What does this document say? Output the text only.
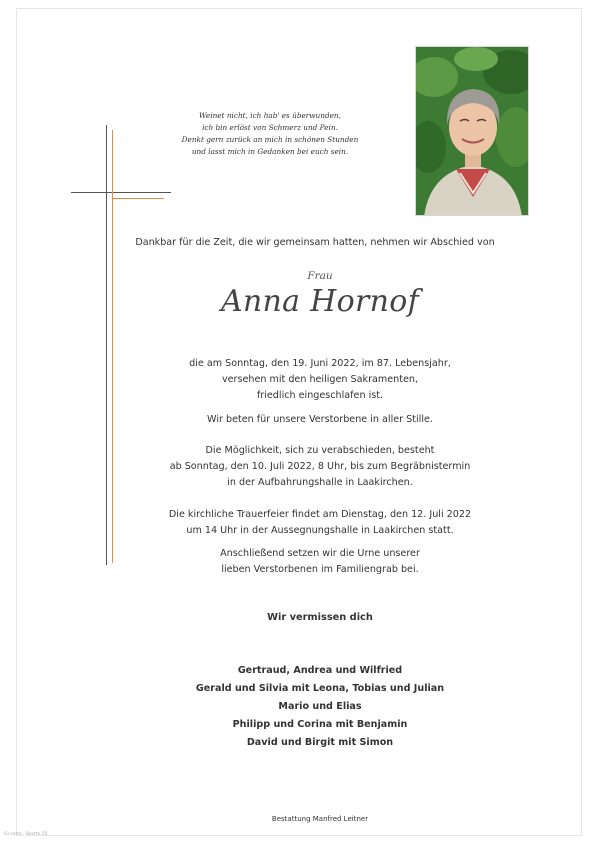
Weinet nicht, ich hab' es überwunden,
ich bin erlöst von Schmerz und Pein.
Denkt gern zurück an mich in schönen Stunden
und lasst mich in Gedanken bei euch sein.
Dankbar für die Zeit, die wir gemeinsam hatten, nehmen wir Abschied von
Frau
Anna Hornof
die am Sonntag, den 19. Juni 2022, im 87. Lebensjahr,
versehen mit den heiligen Sakramenten,
friedlich eingeschlafen ist.
Wir beten für unsere Verstorbene in aller Stille.
Die Möglichkeit, sich zu verabschieden, besteht
ab Sonntag, den 10. Juli 2022, 8 Uhr, bis zum Begräbnistermin
in der Aufbahrungshalle in Laakirchen.
Die kirchliche Trauerfeier findet am Dienstag, den 12. Juli 2022
um 14 Uhr in der Aussegnungshalle in Laakirchen statt.
Anschließend setzen wir die Urne unserer
lieben Verstorbenen im Familiengrab bei.
Wir vermissen dich
Gertraud, Andrea und Wilfried
Gerald und Silvia mit Leona, Tobias und Julian
Mario und Elias
Philipp und Corina mit Benjamin
David und Birgit mit Simon
Bestattung Manfred Leitner
Gr.Leitn - Bestte 55
